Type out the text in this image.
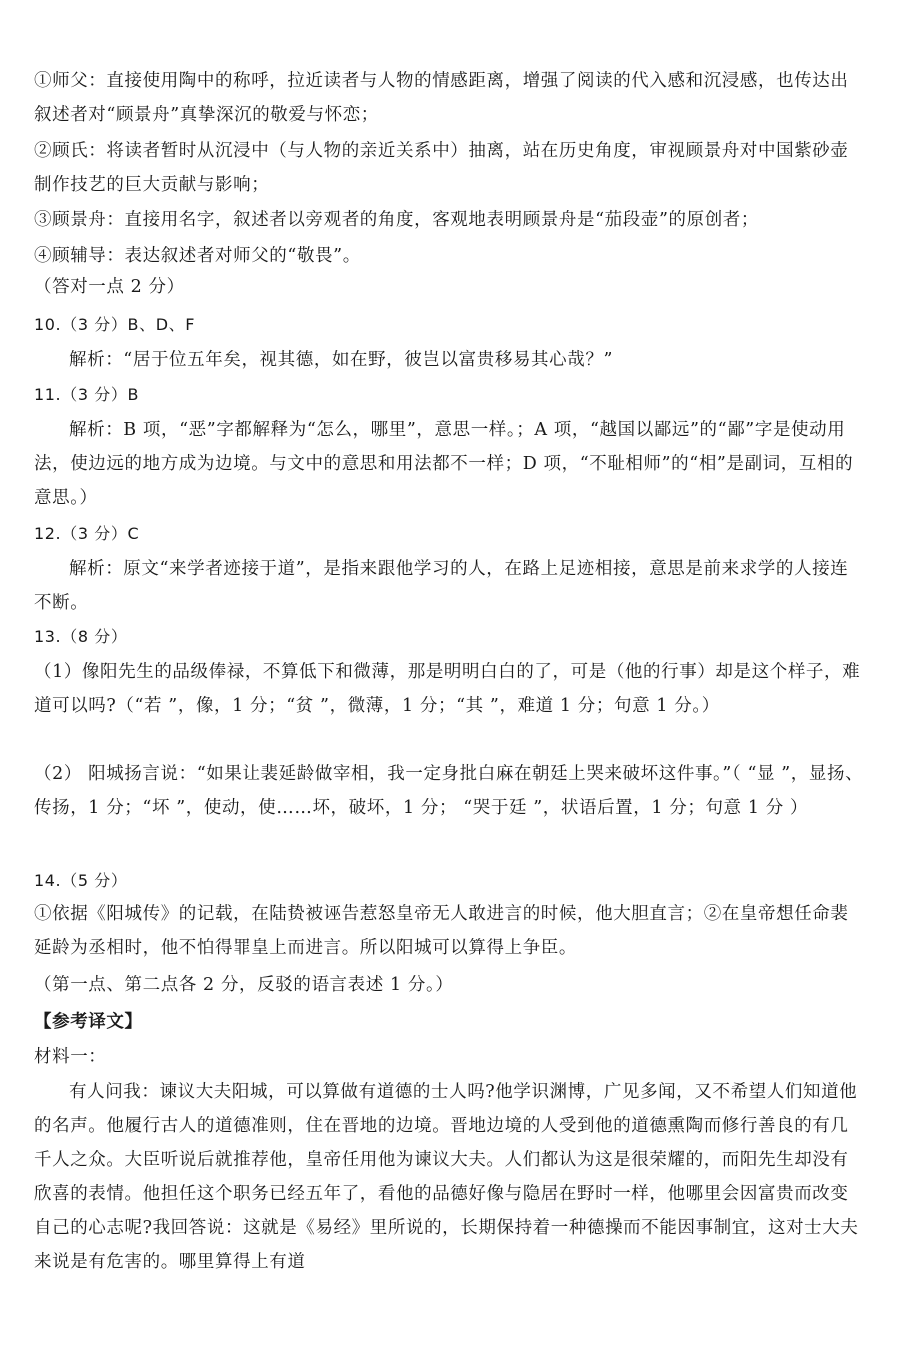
①师父：直接使用陶中的称呼，拉近读者与人物的情感距离，增强了阅读的代入感和沉浸感，也传达出叙述者对“顾景舟”真挚深沉的敬爱与怀恋；

②顾氏：将读者暂时从沉浸中（与人物的亲近关系中）抽离，站在历史角度，审视顾景舟对中国紫砂壶制作技艺的巨大贡献与影响；

③顾景舟：直接用名字，叙述者以旁观者的角度，客观地表明顾景舟是“茄段壶”的原创者；

④顾辅导：表达叙述者对师父的“敬畏”。

（答对一点 2 分）

10.（3 分）B、D、F

解析：“居于位五年矣，视其德，如在野，彼岂以富贵移易其心哉？”

11.（3 分）B

解析：B 项，“恶”字都解释为“怎么，哪里”，意思一样。；A 项，“越国以鄙远”的“鄙”字是使动用法，使边远的地方成为边境。与文中的意思和用法都不一样；D 项，“不耻相师”的“相”是副词，互相的意思。）

12.（3 分）C

解析：原文“来学者迹接于道”，是指来跟他学习的人，在路上足迹相接，意思是前来求学的人接连不断。

13.（8 分）

（1）像阳先生的品级俸禄，不算低下和微薄，那是明明白白的了，可是（他的行事）却是这个样子，难道可以吗?（“若 ”，像，1 分；“贫 ”，微薄，1 分；“其 ”，难道 1 分；句意 1 分。）

（2） 阳城扬言说：“如果让裴延龄做宰相，我一定身批白麻在朝廷上哭来破坏这件事。”（ “显 ”，显扬、传扬，1 分；“坏 ”，使动，使……坏，破坏，1 分； “哭于廷 ”，状语后置，1 分；句意 1 分 ）

14.（5 分）

①依据《阳城传》的记载，在陆贽被诬告惹怒皇帝无人敢进言的时候，他大胆直言；②在皇帝想任命裴延龄为丞相时，他不怕得罪皇上而进言。所以阳城可以算得上争臣。

（第一点、第二点各 2 分，反驳的语言表述 1 分。）

【参考译文】

材料一：

有人问我：谏议大夫阳城，可以算做有道德的士人吗?他学识渊博，广见多闻，又不希望人们知道他的名声。他履行古人的道德准则，住在晋地的边境。晋地边境的人受到他的道德熏陶而修行善良的有几千人之众。大臣听说后就推荐他，皇帝任用他为谏议大夫。人们都认为这是很荣耀的，而阳先生却没有欣喜的表情。他担任这个职务已经五年了，看他的品德好像与隐居在野时一样，他哪里会因富贵而改变自己的心志呢?我回答说：这就是《易经》里所说的，长期保持着一种德操而不能因事制宜，这对士大夫来说是有危害的。哪里算得上有道
